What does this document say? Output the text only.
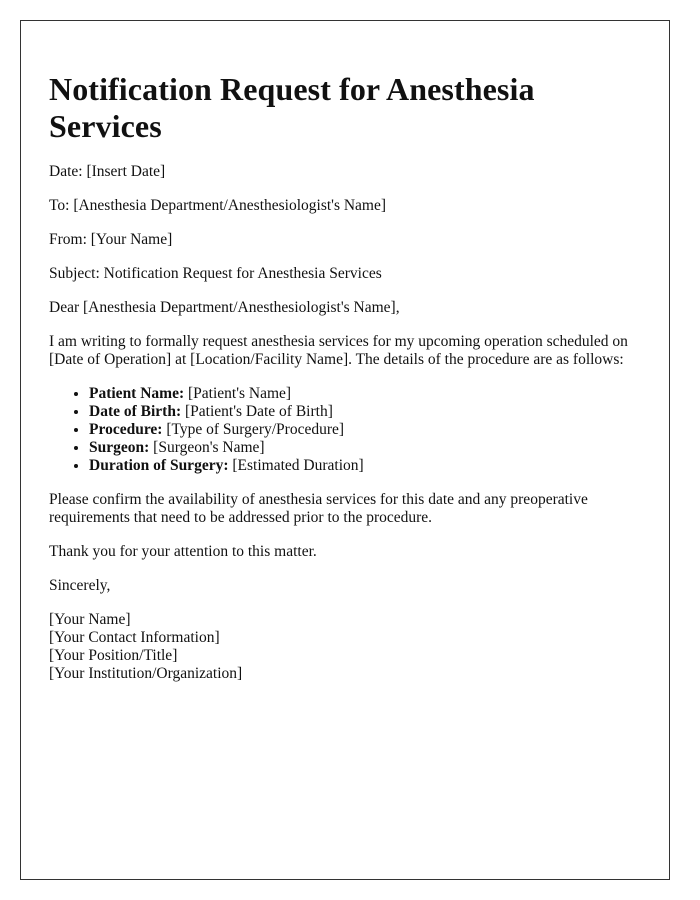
Notification Request for Anesthesia Services

Date: [Insert Date]

To: [Anesthesia Department/Anesthesiologist's Name]

From: [Your Name]

Subject: Notification Request for Anesthesia Services

Dear [Anesthesia Department/Anesthesiologist's Name],

I am writing to formally request anesthesia services for my upcoming operation scheduled on [Date of Operation] at [Location/Facility Name]. The details of the procedure are as follows:

• Patient Name: [Patient's Name]
• Date of Birth: [Patient's Date of Birth]
• Procedure: [Type of Surgery/Procedure]
• Surgeon: [Surgeon's Name]
• Duration of Surgery: [Estimated Duration]

Please confirm the availability of anesthesia services for this date and any preoperative requirements that need to be addressed prior to the procedure.

Thank you for your attention to this matter.

Sincerely,

[Your Name]

[Your Contact Information]

[Your Position/Title]

[Your Institution/Organization]
